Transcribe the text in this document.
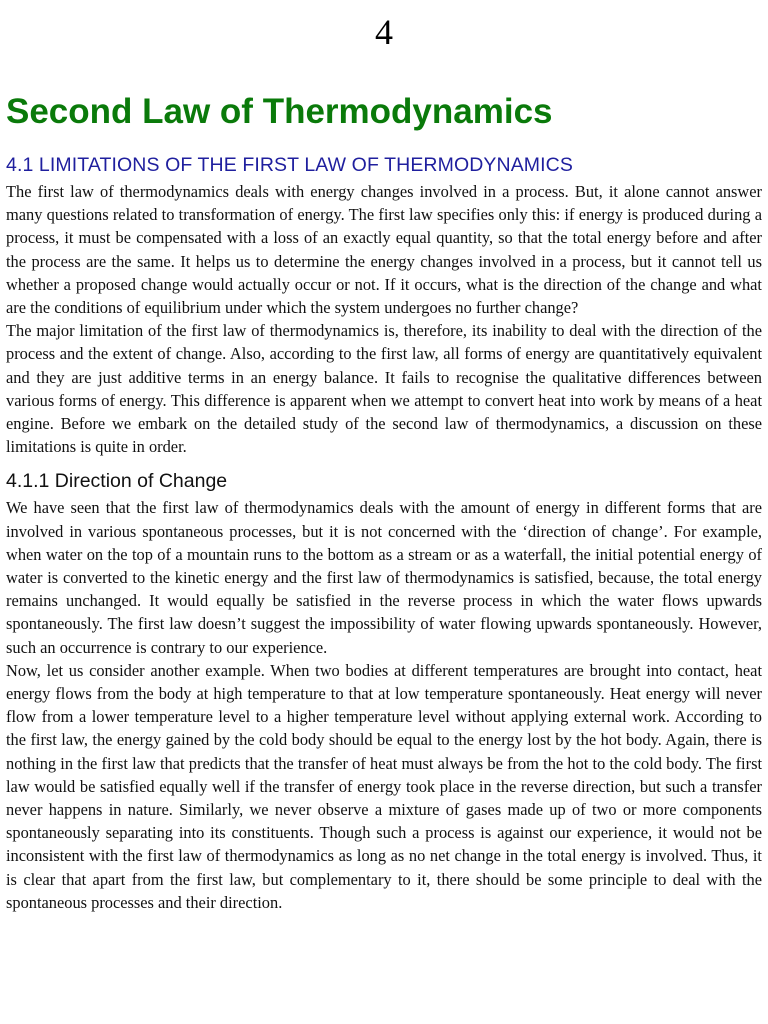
4
Second Law of Thermodynamics
4.1 LIMITATIONS OF THE FIRST LAW OF THERMODYNAMICS

The first law of thermodynamics deals with energy changes involved in a process. But, it alone cannot answer many questions related to transformation of energy. The first law specifies only this: if energy is produced during a process, it must be compensated with a loss of an exactly equal quantity, so that the total energy before and after the process are the same. It helps us to determine the energy changes involved in a process, but it cannot tell us whether a proposed change would actually occur or not. If it occurs, what is the direction of the change and what are the conditions of equilibrium under which the system undergoes no further change?

The major limitation of the first law of thermodynamics is, therefore, its inability to deal with the direction of the process and the extent of change. Also, according to the first law, all forms of energy are quantitatively equivalent and they are just additive terms in an energy balance. It fails to recognise the qualitative differences between various forms of energy. This difference is apparent when we attempt to convert heat into work by means of a heat engine. Before we embark on the detailed study of the second law of thermodynamics, a discussion on these limitations is quite in order.

4.1.1 Direction of Change

We have seen that the first law of thermodynamics deals with the amount of energy in different forms that are involved in various spontaneous processes, but it is not concerned with the ‘direction of change’. For example, when water on the top of a mountain runs to the bottom as a stream or as a waterfall, the initial potential energy of water is converted to the kinetic energy and the first law of thermodynamics is satisfied, because, the total energy remains unchanged. It would equally be satisfied in the reverse process in which the water flows upwards spontaneously. The first law doesn’t suggest the impossibility of water flowing upwards spontaneously. However, such an occurrence is contrary to our experience.

Now, let us consider another example. When two bodies at different temperatures are brought into contact, heat energy flows from the body at high temperature to that at low temperature spontaneously. Heat energy will never flow from a lower temperature level to a higher temperature level without applying external work. According to the first law, the energy gained by the cold body should be equal to the energy lost by the hot body. Again, there is nothing in the first law that predicts that the transfer of heat must always be from the hot to the cold body. The first law would be satisfied equally well if the transfer of energy took place in the reverse direction, but such a transfer never happens in nature. Similarly, we never observe a mixture of gases made up of two or more components spontaneously separating into its constituents. Though such a process is against our experience, it would not be inconsistent with the first law of thermodynamics as long as no net change in the total energy is involved. Thus, it is clear that apart from the first law, but complementary to it, there should be some principle to deal with the spontaneous processes and their direction.
